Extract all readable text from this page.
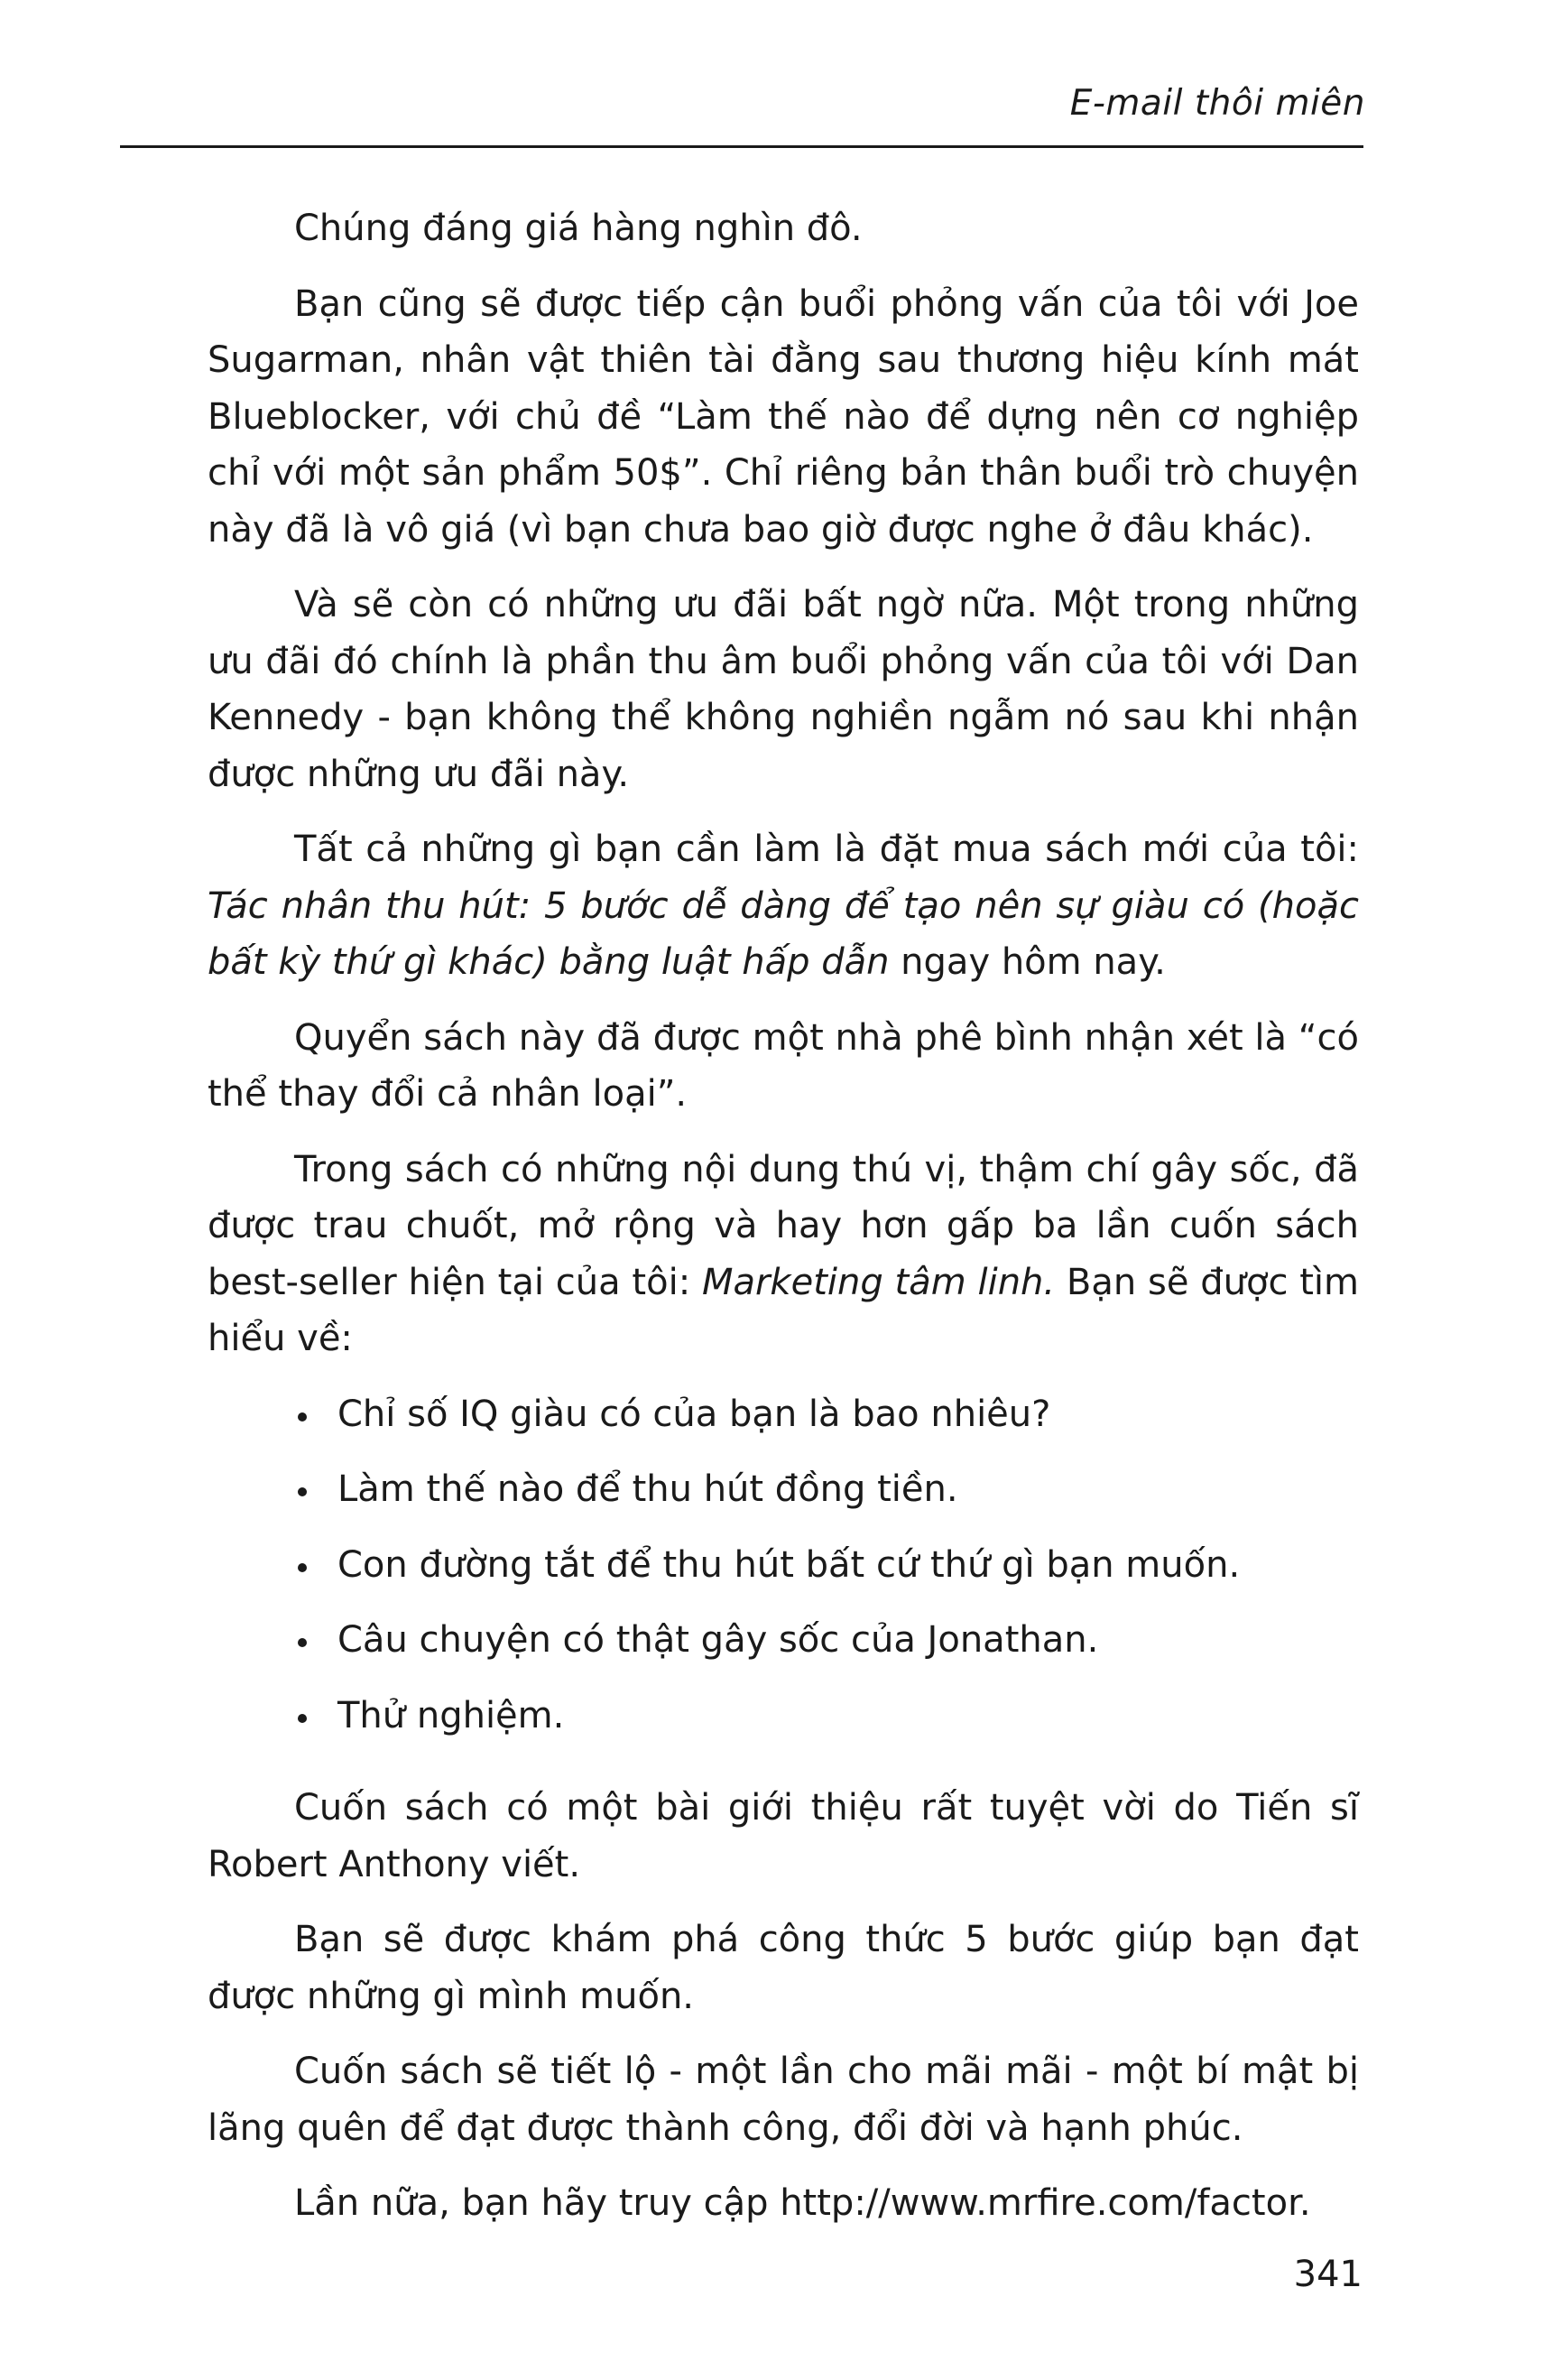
E-mail thôi miên

Chúng đáng giá hàng nghìn đô.

Bạn cũng sẽ được tiếp cận buổi phỏng vấn của tôi với Joe Sugarman, nhân vật thiên tài đằng sau thương hiệu kính mát Blueblocker, với chủ đề “Làm thế nào để dựng nên cơ nghiệp chỉ với một sản phẩm 50$”. Chỉ riêng bản thân buổi trò chuyện này đã là vô giá (vì bạn chưa bao giờ được nghe ở đâu khác).

Và sẽ còn có những ưu đãi bất ngờ nữa. Một trong những ưu đãi đó chính là phần thu âm buổi phỏng vấn của tôi với Dan Kennedy - bạn không thể không nghiền ngẫm nó sau khi nhận được những ưu đãi này.

Tất cả những gì bạn cần làm là đặt mua sách mới của tôi: Tác nhân thu hút: 5 bước dễ dàng để tạo nên sự giàu có (hoặc bất kỳ thứ gì khác) bằng luật hấp dẫn ngay hôm nay.

Quyển sách này đã được một nhà phê bình nhận xét là “có thể thay đổi cả nhân loại”.

Trong sách có những nội dung thú vị, thậm chí gây sốc, đã được trau chuốt, mở rộng và hay hơn gấp ba lần cuốn sách best-seller hiện tại của tôi: Marketing tâm linh. Bạn sẽ được tìm hiểu về:

Chỉ số IQ giàu có của bạn là bao nhiêu?
Làm thế nào để thu hút đồng tiền.
Con đường tắt để thu hút bất cứ thứ gì bạn muốn.
Câu chuyện có thật gây sốc của Jonathan.
Thử nghiệm.

Cuốn sách có một bài giới thiệu rất tuyệt vời do Tiến sĩ Robert Anthony viết.

Bạn sẽ được khám phá công thức 5 bước giúp bạn đạt được những gì mình muốn.

Cuốn sách sẽ tiết lộ - một lần cho mãi mãi - một bí mật bị lãng quên để đạt được thành công, đổi đời và hạnh phúc.

Lần nữa, bạn hãy truy cập http://www.mrfire.com/factor.

341
